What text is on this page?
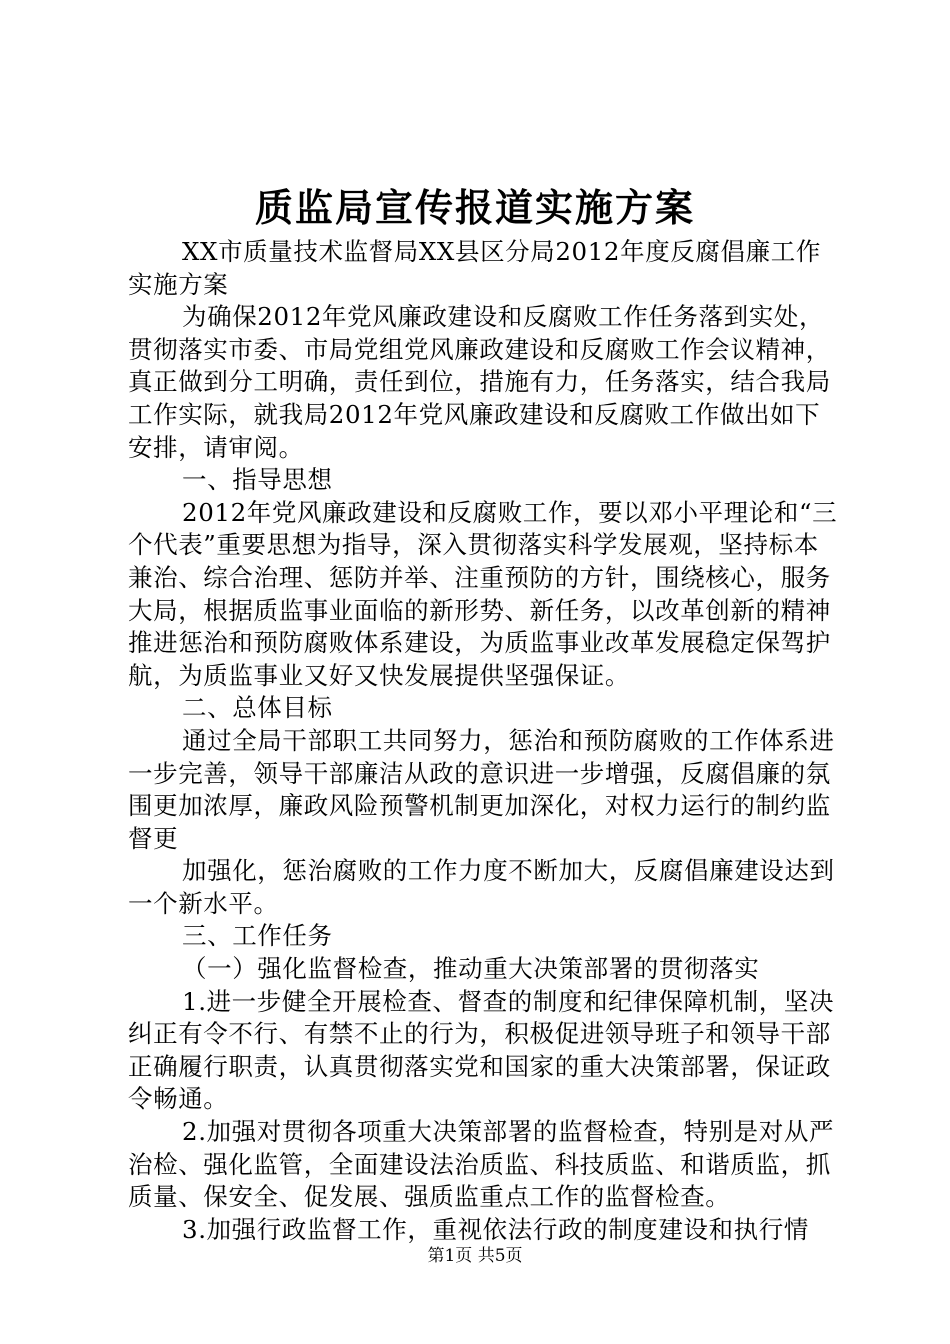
质监局宣传报道实施方案

XX市质量技术监督局XX县区分局2012年度反腐倡廉工作实施方案

为确保2012年党风廉政建设和反腐败工作任务落到实处，贯彻落实市委、市局党组党风廉政建设和反腐败工作会议精神，真正做到分工明确，责任到位，措施有力，任务落实，结合我局工作实际，就我局2012年党风廉政建设和反腐败工作做出如下安排，请审阅。

一、指导思想

2012年党风廉政建设和反腐败工作，要以邓小平理论和“三个代表”重要思想为指导，深入贯彻落实科学发展观，坚持标本兼治、综合治理、惩防并举、注重预防的方针，围绕核心，服务大局，根据质监事业面临的新形势、新任务，以改革创新的精神推进惩治和预防腐败体系建设，为质监事业改革发展稳定保驾护航，为质监事业又好又快发展提供坚强保证。

二、总体目标

通过全局干部职工共同努力，惩治和预防腐败的工作体系进一步完善，领导干部廉洁从政的意识进一步增强，反腐倡廉的氛围更加浓厚，廉政风险预警机制更加深化，对权力运行的制约监督更

加强化，惩治腐败的工作力度不断加大，反腐倡廉建设达到一个新水平。

三、工作任务

（一）强化监督检查，推动重大决策部署的贯彻落实

1.进一步健全开展检查、督查的制度和纪律保障机制，坚决纠正有令不行、有禁不止的行为，积极促进领导班子和领导干部正确履行职责，认真贯彻落实党和国家的重大决策部署，保证政令畅通。

2.加强对贯彻各项重大决策部署的监督检查，特别是对从严治检、强化监管，全面建设法治质监、科技质监、和谐质监，抓质量、保安全、促发展、强质监重点工作的监督检查。

3.加强行政监督工作，重视依法行政的制度建设和执行情

第1页 共5页
